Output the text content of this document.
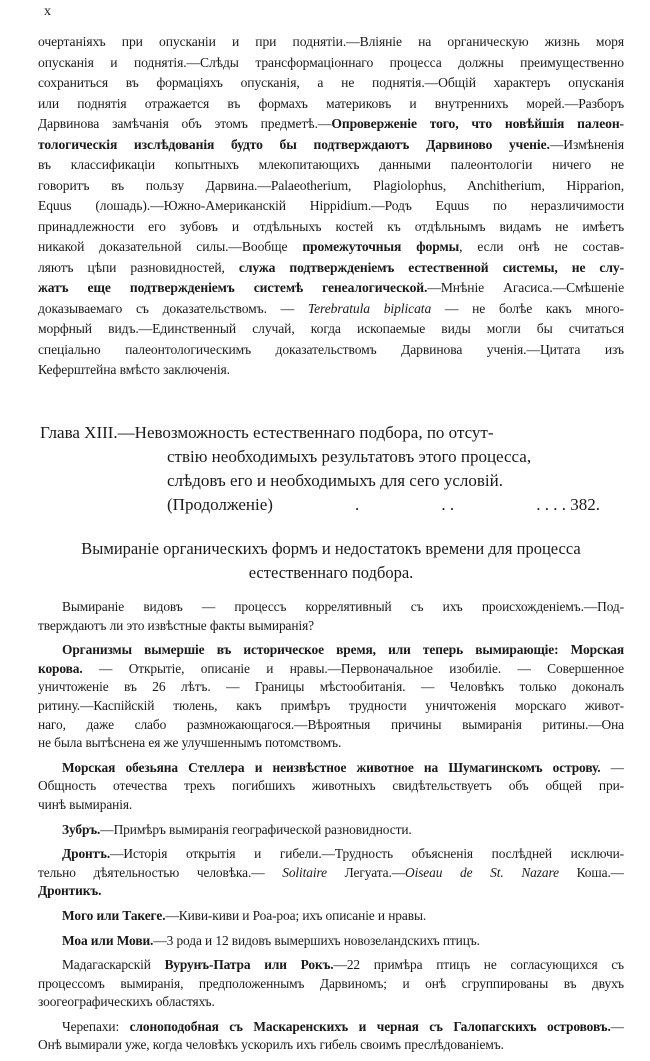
x
очертанiяхъ при опусканiи и при поднятiи.—Влiянiе на органическую жизнь моря
опусканiя и поднятiя.—Слѣды трансформацiоннаго процесса должны преимущественно
сохраниться въ формацiяхъ опусканiя, а не поднятiя.—Общiй характеръ опусканiя
или поднятiя отражается въ формахъ материковъ и внутреннихъ морей.—Разборъ
Дарвинова замѣчанiя объ этомъ предметѣ.—Опроверженiе того, что новѣйшiя палеон-
тологическiя изслѣдованiя будто бы подтверждаютъ Дарвиново ученiе.—Измѣненiя
въ классификацiи копытныхъ млекопитающихъ данными палеонтологiи ничего не
говоритъ въ пользу Дарвина.—Palaeotherium, Plagiolophus, Anchitherium, Hipparion,
Equus (лошадь).—Южно-Американскiй Hippidium.—Родъ Equus по неразличимости
принадлежности его зубовъ и отдѣльныхъ костей къ отдѣльнымъ видамъ не имѣетъ
никакой доказательной силы.—Вообще промежуточныя формы, если онѣ не состав-
ляютъ цѣпи разновидностей, служа подтвержденiемъ естественной системы, не слу-
жатъ еще подтвержденiемъ системѣ генеалогической.—Мнѣнiе Агасиса.—Смѣшенiе
доказываемаго съ доказательствомъ. — Terebratula biplicata — не болѣе какъ много-
морфный видъ.—Единственный случай, когда ископаемые виды могли бы считаться
спецiально палеонтологическимъ доказательствомъ Дарвинова ученiя.—Цитата изъ
Кеферштейна вмѣсто заключенiя.
Глава XIII.—Невозможность естественнаго подбора, по отсут-
ствiю необходимыхъ результатовъ этого процесса,
слѣдовъ его и необходимыхъ для сего условiй.
(Продолженiе)	.	. .	. . . . 382.
Вымиранiе органическихъ формъ и недостатокъ времени для процесса
естественнаго подбора.
Вымиранiе видовъ — процессъ коррелятивный съ ихъ происхожденiемъ.—Под-
тверждаютъ ли это извѣстные факты вымиранiя?
Организмы вымершiе въ историческое время, или теперь вымирающiе: Морская
корова. — Открытiе, описанiе и нравы.—Первоначальное изобилiе. — Совершенное
уничтоженiе въ 26 лѣтъ. — Границы мѣстообитанiя. — Человѣкъ только доконалъ
ритину.—Каспiйскiй тюлень, какъ примѣръ трудности уничтоженiя морскаго живот-
наго, даже слабо размножающагося.—Вѣроятныя причины вымиранiя ритины.—Она
не была вытѣснена ея же улучшеннымъ потомствомъ.
Морская обезьяна Стеллера и неизвѣстное животное на Шумагинскомъ острову. —
Общность отечества трехъ погибшихъ животныхъ свидѣтельствуетъ объ общей при-
чинѣ вымиранiя.
Зубръ.—Примѣръ вымиранiя географической разновидности.
Дронтъ.—Исторiя открытiя и гибели.—Трудность объясненiя послѣдней исключи-
тельно дѣятельностью человѣка.— Solitaire Легуата.—Oiseau de St. Nazare Коша.—
Дронтикъ.
Мого или Такеге.—Киви-киви и Роа-роа; ихъ описанiе и нравы.
Моа или Мови.—3 рода и 12 видовъ вымершихъ новозеландскихъ птицъ.
Мадагаскарскiй Вурунъ-Патра или Рокъ.—22 примѣра птицъ не согласующихся съ
процессомъ вымиранiя, предположеннымъ Дарвиномъ; и онѣ сгруппированы въ двухъ
зоогеографическихъ областяхъ.
Черепахи: слоноподобная съ Маскаренскихъ и черная съ Галопагскихъ острововъ.—
Онѣ вымирали уже, когда человѣкъ ускорилъ ихъ гибель своимъ преслѣдованiемъ.
